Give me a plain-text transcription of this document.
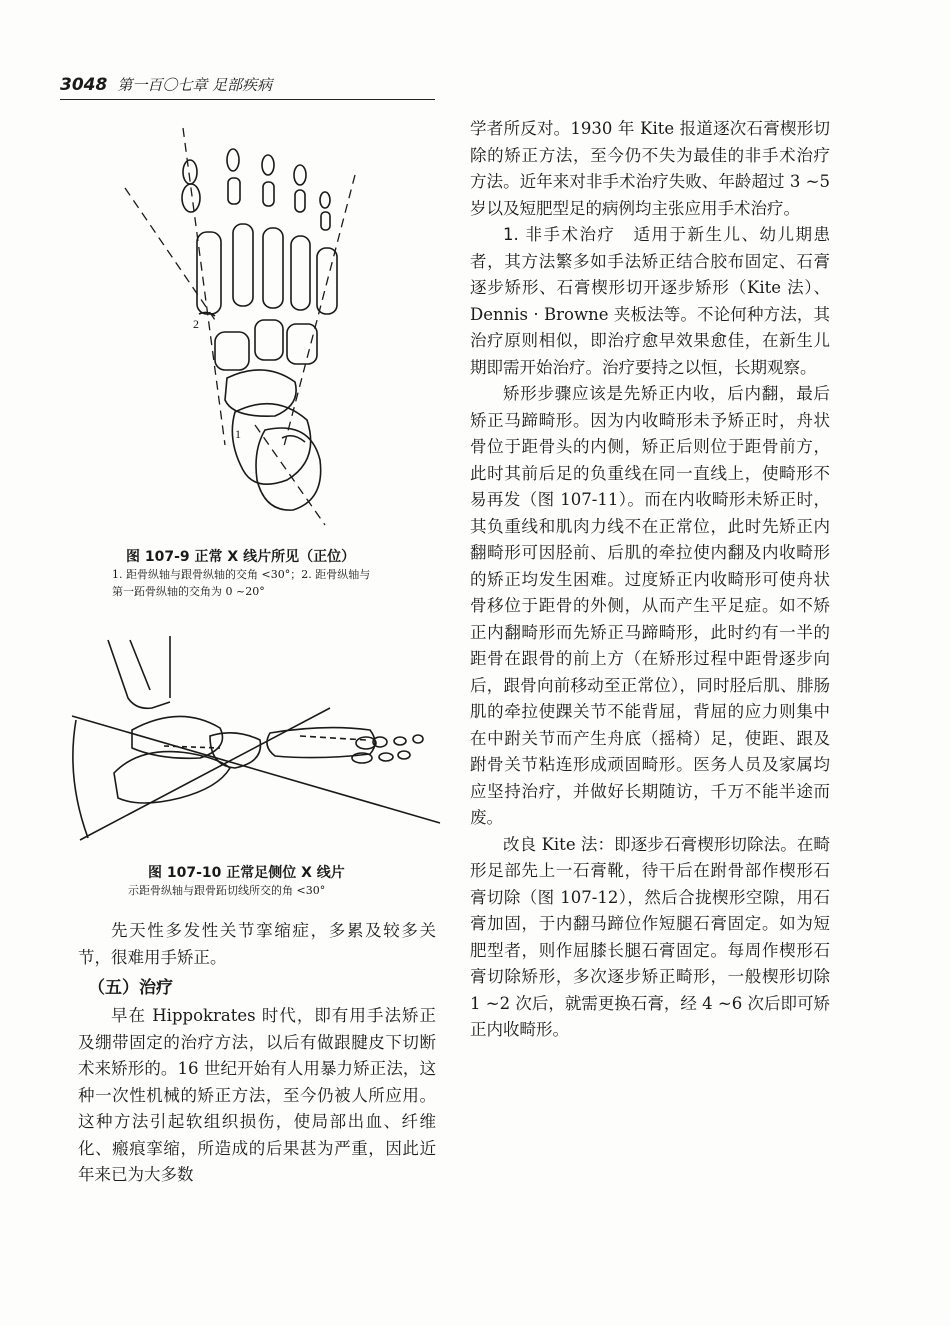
3048 第一百〇七章 足部疾病
1
2
图 107-9 正常 X 线片所见（正位）
1. 距骨纵轴与跟骨纵轴的交角 <30°；2. 距骨纵轴与第一跖骨纵轴的交角为 0 ~20°
图 107-10 正常足侧位 X 线片
示距骨纵轴与跟骨跖切线所交的角 <30°

先天性多发性关节挛缩症，多累及较多关节，很难用手矫正。

（五）治疗

早在 Hippokrates 时代，即有用手法矫正及绷带固定的治疗方法，以后有做跟腱皮下切断术来矫形的。16 世纪开始有人用暴力矫正法，这种一次性机械的矫正方法，至今仍被人所应用。这种方法引起软组织损伤，使局部出血、纤维化、瘢痕挛缩，所造成的后果甚为严重，因此近年来已为大多数

学者所反对。1930 年 Kite 报道逐次石膏楔形切除的矫正方法，至今仍不失为最佳的非手术治疗方法。近年来对非手术治疗失败、年龄超过 3 ~5 岁以及短肥型足的病例均主张应用手术治疗。

1. 非手术治疗　 适用于新生儿、幼儿期患者，其方法繁多如手法矫正结合胶布固定、石膏逐步矫形、石膏楔形切开逐步矫形（Kite 法）、Dennis · Browne 夹板法等。不论何种方法，其治疗原则相似，即治疗愈早效果愈佳，在新生儿期即需开始治疗。治疗要持之以恒，长期观察。

矫形步骤应该是先矫正内收，后内翻，最后矫正马蹄畸形。因为内收畸形未予矫正时，舟状骨位于距骨头的内侧，矫正后则位于距骨前方，此时其前后足的负重线在同一直线上，使畸形不易再发（图 107-11）。而在内收畸形未矫正时，其负重线和肌肉力线不在正常位，此时先矫正内翻畸形可因胫前、后肌的牵拉使内翻及内收畸形的矫正均发生困难。过度矫正内收畸形可使舟状骨移位于距骨的外侧，从而产生平足症。如不矫正内翻畸形而先矫正马蹄畸形，此时约有一半的距骨在跟骨的前上方（在矫形过程中距骨逐步向后，跟骨向前移动至正常位），同时胫后肌、腓肠肌的牵拉使踝关节不能背屈，背屈的应力则集中在中跗关节而产生舟底（摇椅）足，使距、跟及跗骨关节粘连形成顽固畸形。医务人员及家属均应坚持治疗，并做好长期随访，千万不能半途而废。

改良 Kite 法：即逐步石膏楔形切除法。在畸形足部先上一石膏靴，待干后在跗骨部作楔形石膏切除（图 107-12），然后合拢楔形空隙，用石膏加固，于内翻马蹄位作短腿石膏固定。如为短肥型者，则作屈膝长腿石膏固定。每周作楔形石膏切除矫形，多次逐步矫正畸形，一般楔形切除 1 ~2 次后，就需更换石膏，经 4 ~6 次后即可矫正内收畸形。
